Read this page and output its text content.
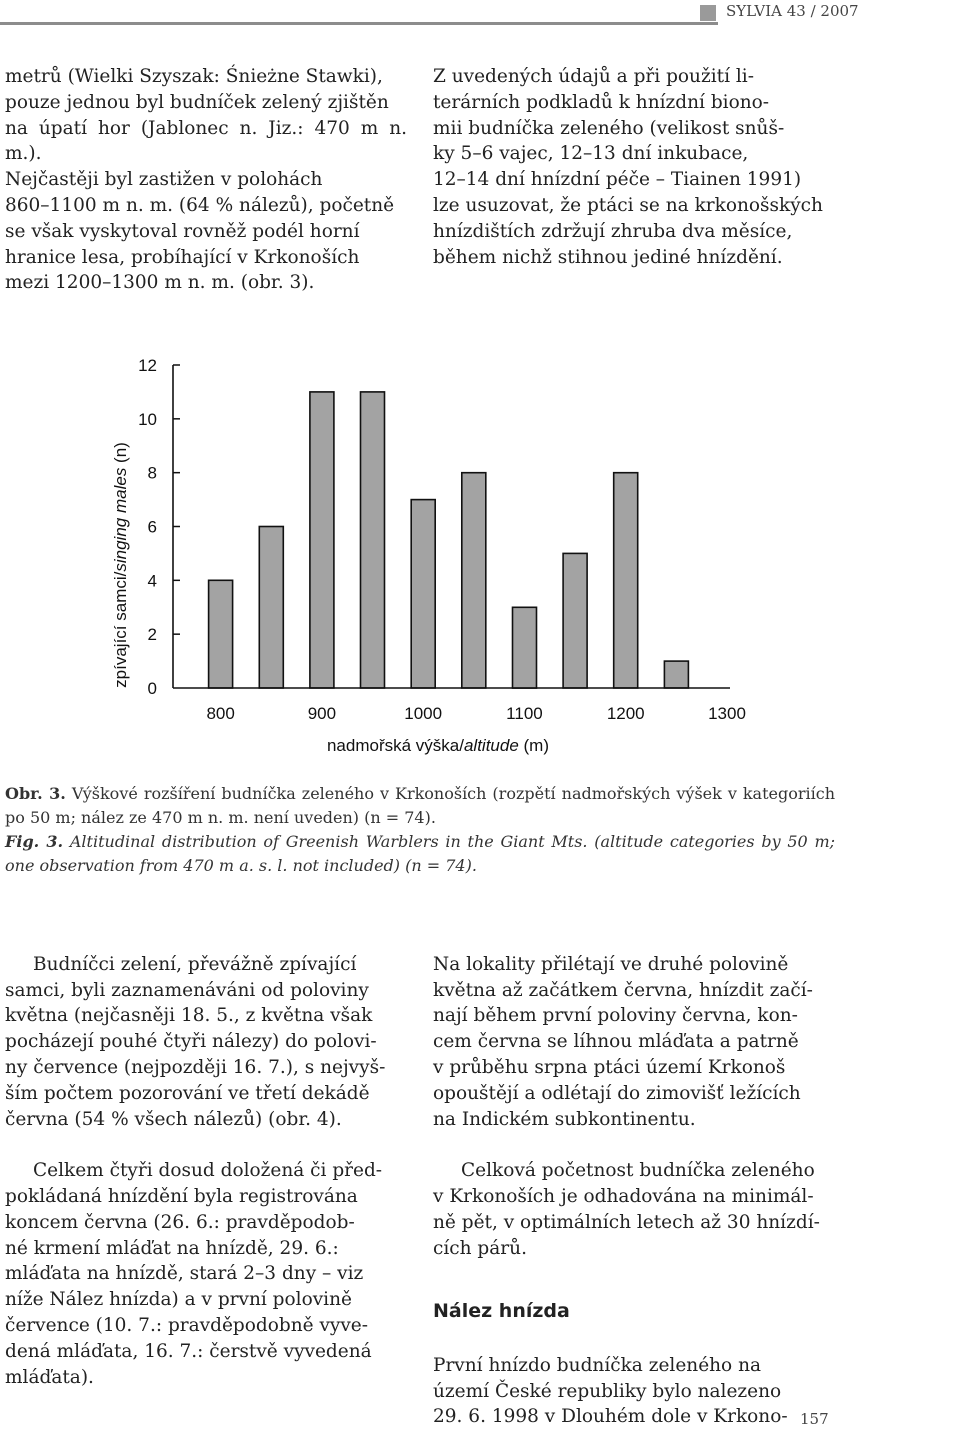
SYLVIA 43 / 2007
metrů (Wielki Szyszak: Śnieżne Stawki),
pouze jednou byl budníček zelený zjištěn
na úpatí hor (Jablonec n. Jiz.: 470 m n. m.).
Nejčastěji byl zastižen v polohách
860–1100 m n. m. (64 % nálezů), početně
se však vyskytoval rovněž podél horní
hranice lesa, probíhající v Krkonoších
mezi 1200–1300 m n. m. (obr. 3).
Z uvedených údajů a při použití li-
terárních podkladů k hnízdní biono-
mii budníčka zeleného (velikost snůš-
ky 5–6 vajec, 12–13 dní inkubace,
12–14 dní hnízdní péče – Tiainen 1991)
lze usuzovat, že ptáci se na krkonošských
hnízdištích zdržují zhruba dva měsíce,
během nichž stihnou jediné hnízdění.
0
2
4
6
8
10
12
800	900	1000	1100	1200	1300
zpívající samci/singing males (n)
nadmořská výška/altitude (m)
Obr. 3. Výškové rozšíření budníčka zeleného v Krkonoších (rozpětí nadmořských výšek v kategoriích po 50 m; nález ze 470 m n. m. není uveden) (n = 74).
Fig. 3. Altitudinal distribution of Greenish Warblers in the Giant Mts. (altitude categories by 50 m; one observation from 470 m a. s. l. not included) (n = 74).

Budníčci zelení, převážně zpívající
samci, byli zaznamenáváni od poloviny
května (nejčasněji 18. 5., z května však
pocházejí pouhé čtyři nálezy) do polovi-
ny července (nejpozději 16. 7.), s nejvyš-
ším počtem pozorování ve třetí dekádě
června (54 % všech nálezů) (obr. 4).

Celkem čtyři dosud doložená či před-
pokládaná hnízdění byla registrována
koncem června (26. 6.: pravděpodob-
né krmení mláďat na hnízdě, 29. 6.:
mláďata na hnízdě, stará 2–3 dny – viz
níže Nález hnízda) a v první polovině
července (10. 7.: pravděpodobně vyve-
dená mláďata, 16. 7.: čerstvě vyvedená
mláďata).

Na lokality přilétají ve druhé polovině
května až začátkem června, hnízdit začí-
nají během první poloviny června, kon-
cem června se líhnou mláďata a patrně
v průběhu srpna ptáci území Krkonoš
opouštějí a odlétají do zimovišť ležících
na Indickém subkontinentu.

Celková početnost budníčka zeleného
v Krkonoších je odhadována na minimál-
ně pět, v optimálních letech až 30 hnízdí-
cích párů.

Nález hnízda

První hnízdo budníčka zeleného na
území České republiky bylo nalezeno
29. 6. 1998 v Dlouhém dole v Krkono- 157
